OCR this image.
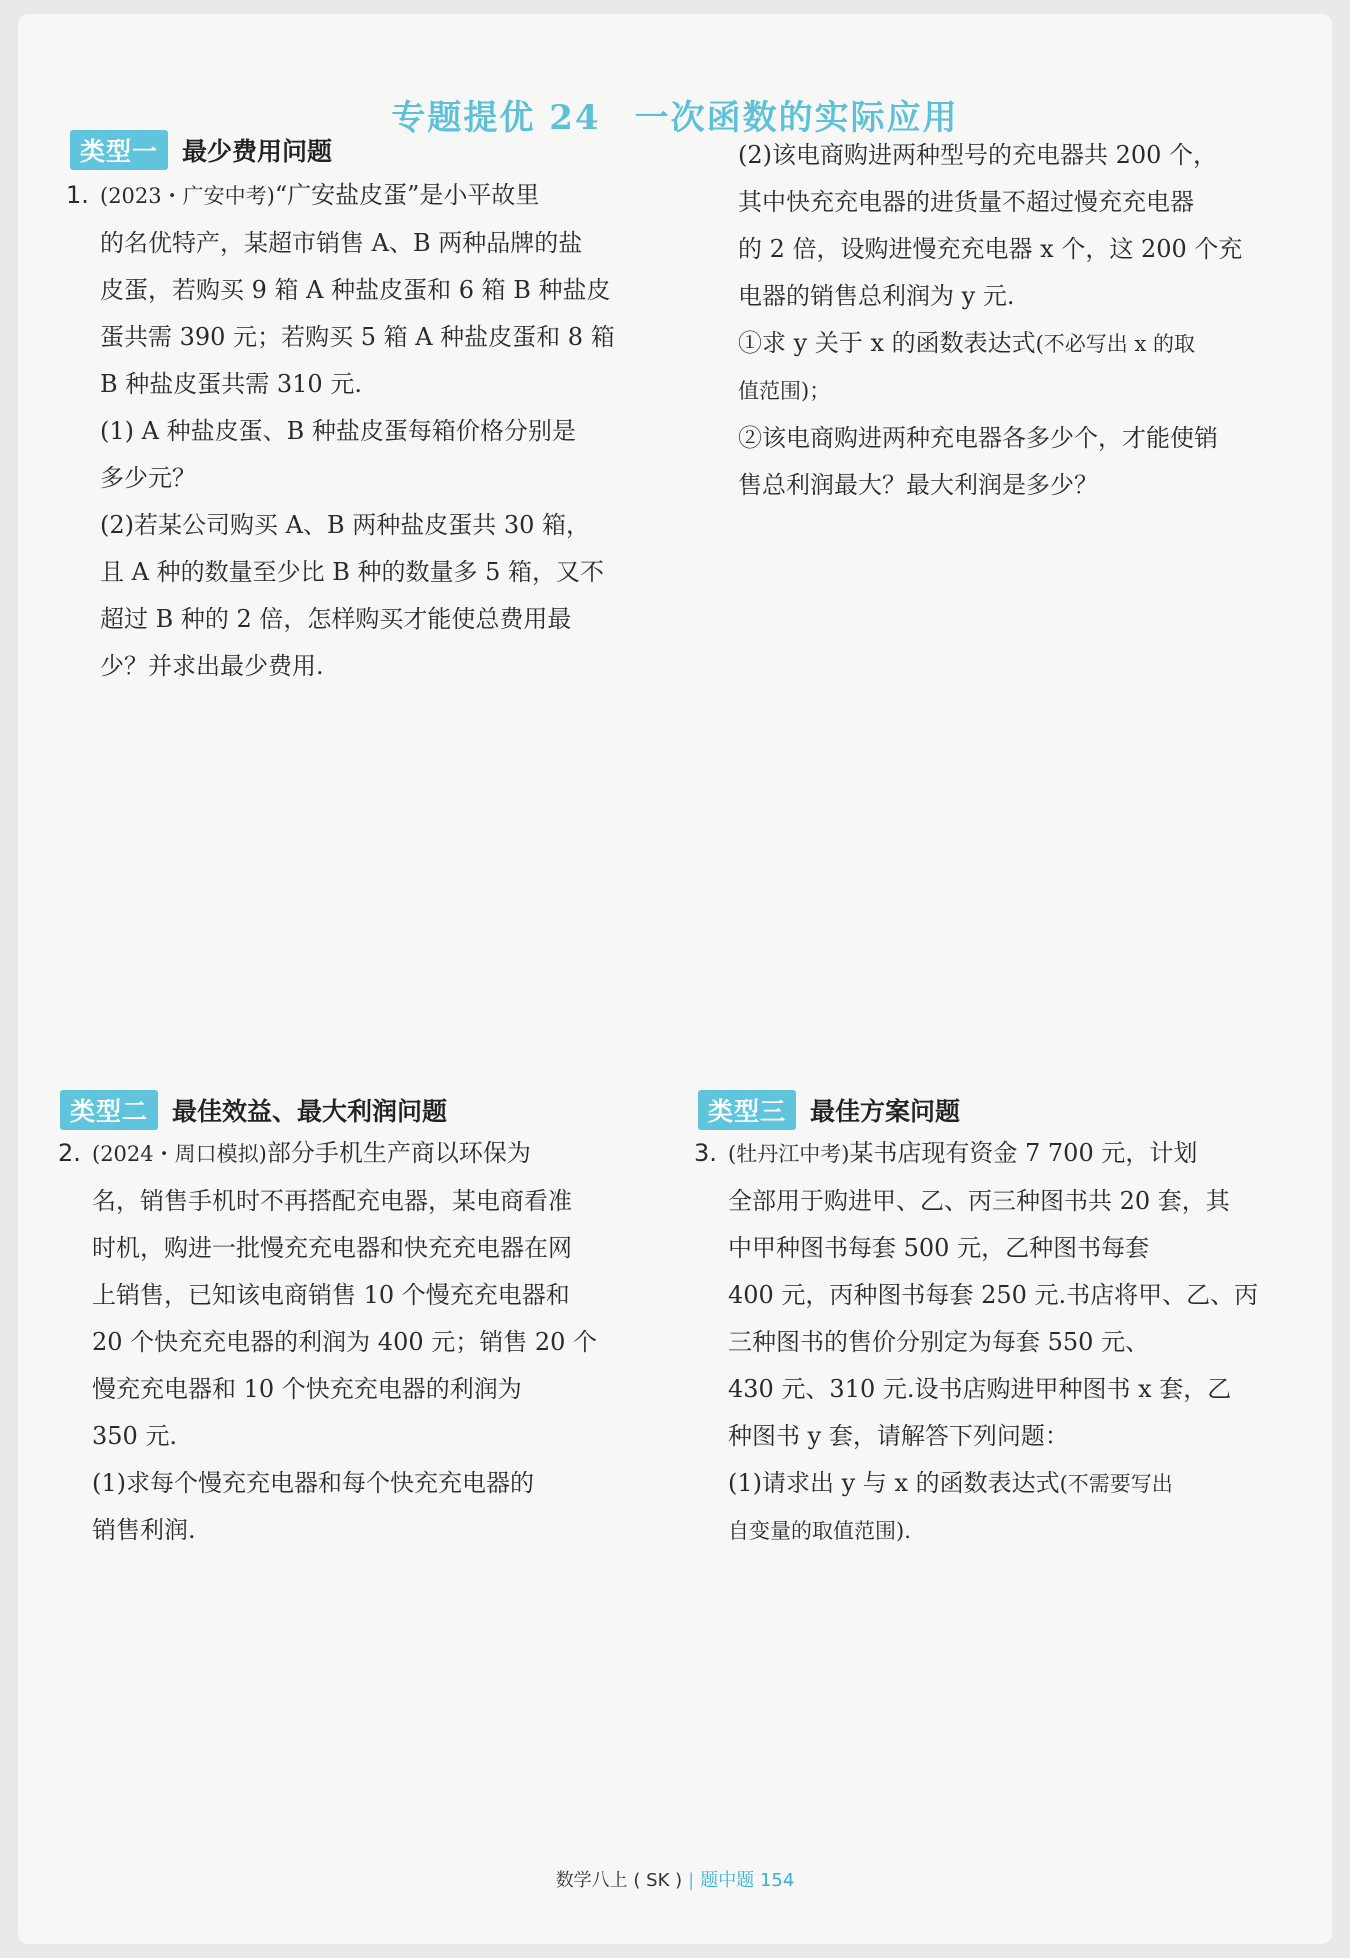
专题提优 24 一次函数的实际应用
类型一 最少费用问题
1. (2023・广安中考)“广安盐皮蛋”是小平故里
的名优特产，某超市销售 A、B 两种品牌的盐
皮蛋，若购买 9 箱 A 种盐皮蛋和 6 箱 B 种盐皮
蛋共需 390 元；若购买 5 箱 A 种盐皮蛋和 8 箱
B 种盐皮蛋共需 310 元.
(1) A 种盐皮蛋、B 种盐皮蛋每箱价格分别是
多少元？
(2)若某公司购买 A、B 两种盐皮蛋共 30 箱，
且 A 种的数量至少比 B 种的数量多 5 箱，又不
超过 B 种的 2 倍，怎样购买才能使总费用最
少？并求出最少费用.
(2)该电商购进两种型号的充电器共 200 个，
其中快充充电器的进货量不超过慢充充电器
的 2 倍，设购进慢充充电器 x 个，这 200 个充
电器的销售总利润为 y 元.
①求 y 关于 x 的函数表达式(不必写出 x 的取
值范围)；
②该电商购进两种充电器各多少个，才能使销
售总利润最大？最大利润是多少？
类型二 最佳效益、最大利润问题
2. (2024・周口模拟)部分手机生产商以环保为
名，销售手机时不再搭配充电器，某电商看准
时机，购进一批慢充充电器和快充充电器在网
上销售，已知该电商销售 10 个慢充充电器和
20 个快充充电器的利润为 400 元；销售 20 个
慢充充电器和 10 个快充充电器的利润为
350 元.
(1)求每个慢充充电器和每个快充充电器的
销售利润.
类型三 最佳方案问题
3. (牡丹江中考)某书店现有资金 7 700 元，计划
全部用于购进甲、乙、丙三种图书共 20 套，其
中甲种图书每套 500 元，乙种图书每套
400 元，丙种图书每套 250 元.书店将甲、乙、丙
三种图书的售价分别定为每套 550 元、
430 元、310 元.设书店购进甲种图书 x 套，乙
种图书 y 套，请解答下列问题：
(1)请求出 y 与 x 的函数表达式(不需要写出
自变量的取值范围).
数学八上 ( SK ) | 题中题 154
